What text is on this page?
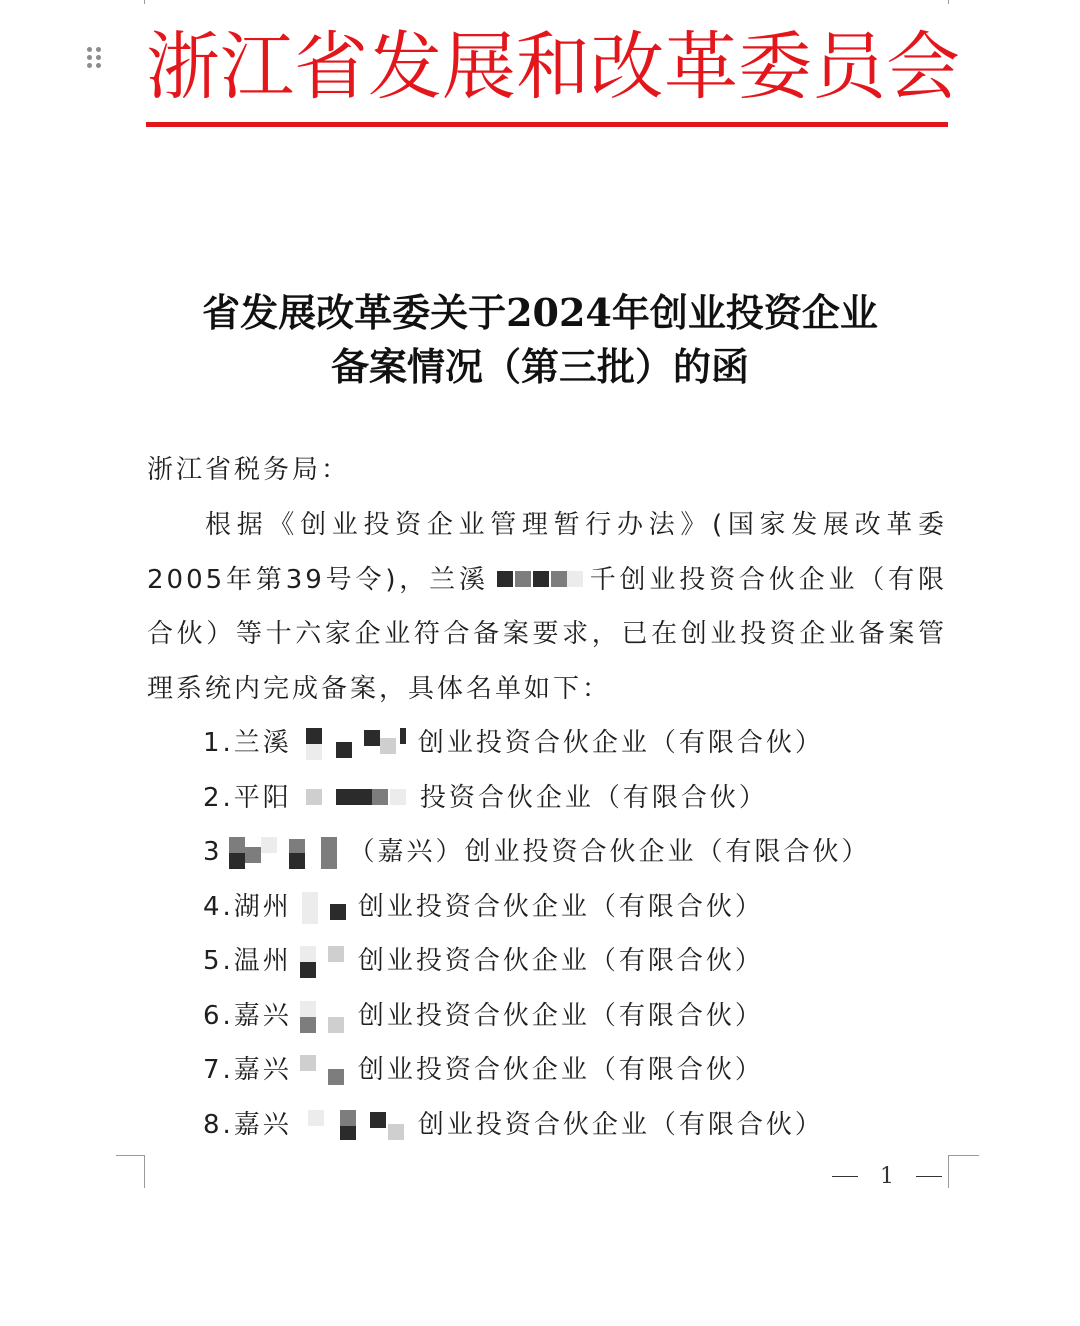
浙江省发展和改革委员会
省发展改革委关于2024年创业投资企业
备案情况（第三批）的函
浙江省税务局：
根据《创业投资企业管理暂行办法》(国家发展改革委2005年第39号令)，兰溪	千创业投资合伙企业（有限合伙）等十六家企业符合备案要求，已在创业投资企业备案管理系统内完成备案，具体名单如下：
1.兰溪	创业投资合伙企业（有限合伙）
2.平阳	投资合伙企业（有限合伙）
3	（嘉兴）创业投资合伙企业（有限合伙）
4.湖州	创业投资合伙企业（有限合伙）
5.温州	创业投资合伙企业（有限合伙）
6.嘉兴	创业投资合伙企业（有限合伙）
7.嘉兴	创业投资合伙企业（有限合伙）
8.嘉兴	创业投资合伙企业（有限合伙）
1
